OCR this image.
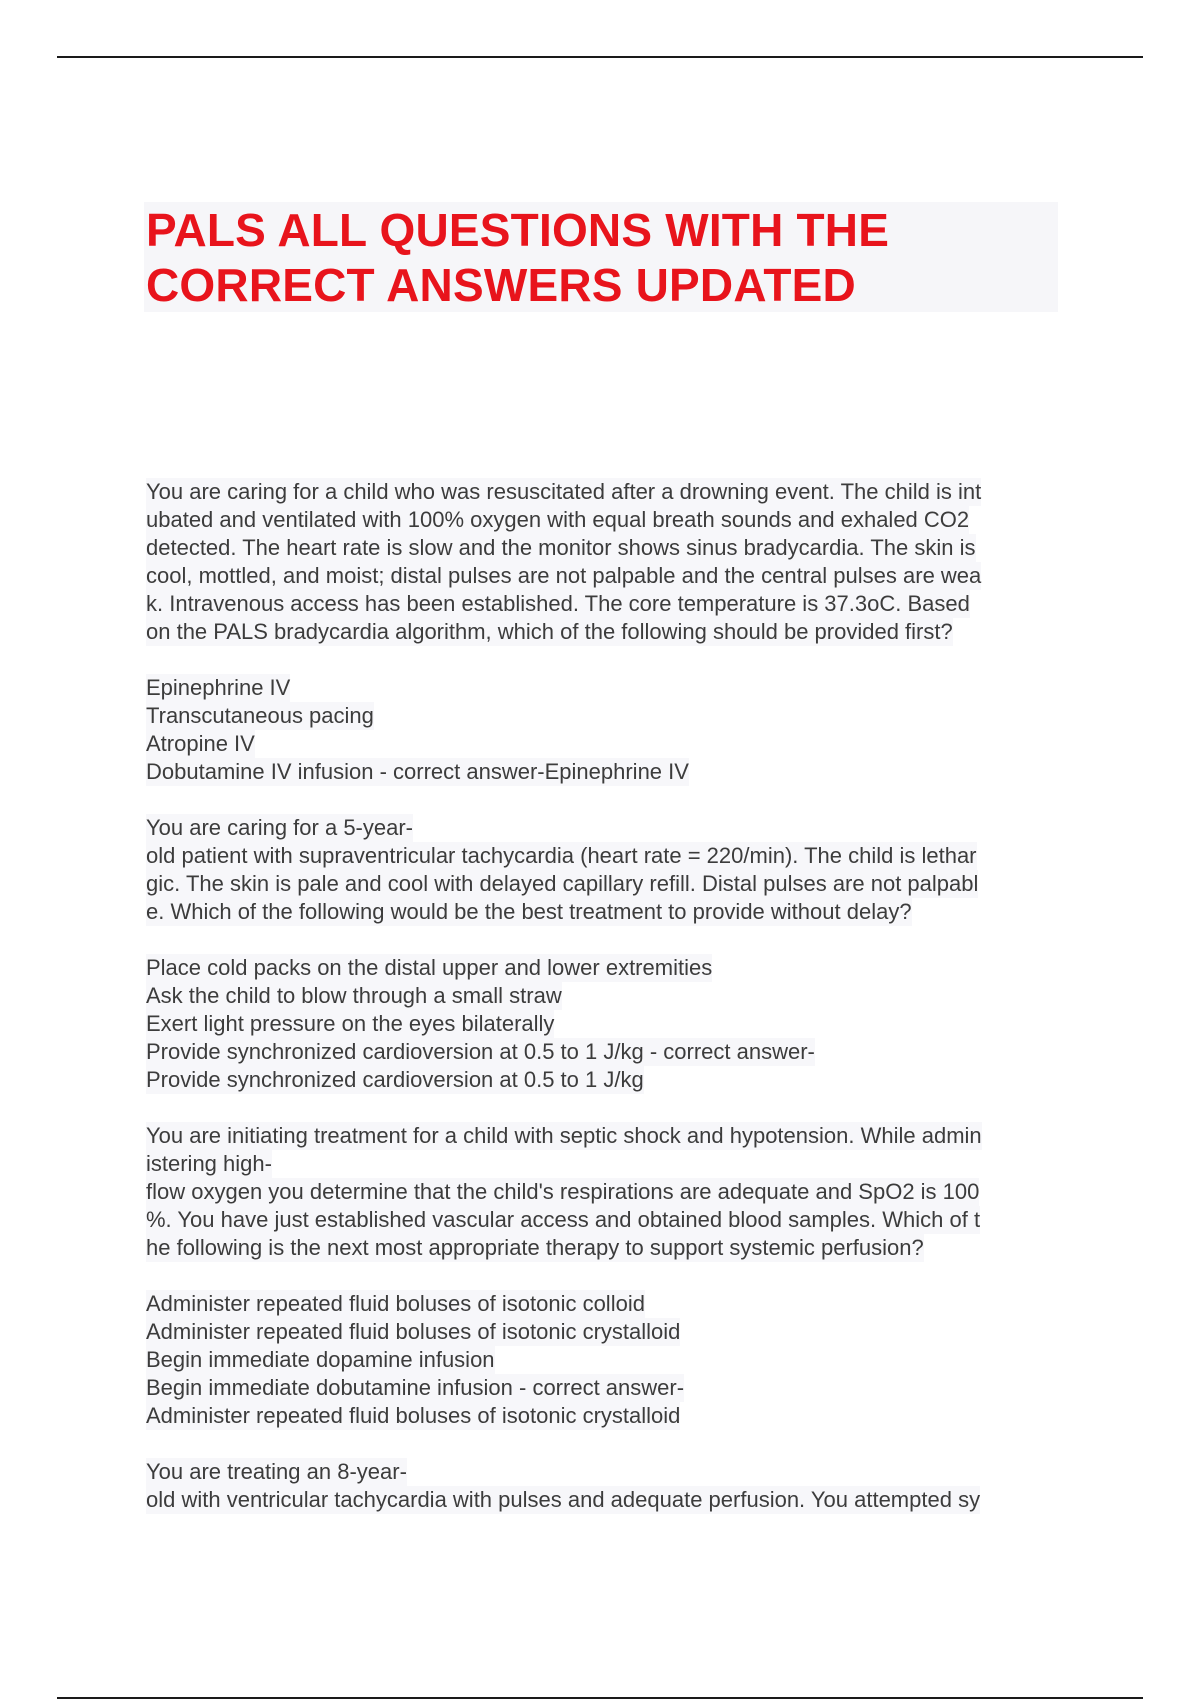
PALS ALL QUESTIONS WITH THE
CORRECT ANSWERS UPDATED

You are caring for a child who was resuscitated after a drowning event. The child is int
ubated and ventilated with 100% oxygen with equal breath sounds and exhaled CO2
detected. The heart rate is slow and the monitor shows sinus bradycardia. The skin is
cool, mottled, and moist; distal pulses are not palpable and the central pulses are wea
k. Intravenous access has been established. The core temperature is 37.3oC. Based
on the PALS bradycardia algorithm, which of the following should be provided first?

Epinephrine IV
Transcutaneous pacing
Atropine IV
Dobutamine IV infusion - correct answer-Epinephrine IV

You are caring for a 5-year-
old patient with supraventricular tachycardia (heart rate = 220/min). The child is lethar
gic. The skin is pale and cool with delayed capillary refill. Distal pulses are not palpabl
e. Which of the following would be the best treatment to provide without delay?

Place cold packs on the distal upper and lower extremities
Ask the child to blow through a small straw
Exert light pressure on the eyes bilaterally
Provide synchronized cardioversion at 0.5 to 1 J/kg - correct answer-
Provide synchronized cardioversion at 0.5 to 1 J/kg

You are initiating treatment for a child with septic shock and hypotension. While admin
istering high-
flow oxygen you determine that the child's respirations are adequate and SpO2 is 100
%. You have just established vascular access and obtained blood samples. Which of t
he following is the next most appropriate therapy to support systemic perfusion?

Administer repeated fluid boluses of isotonic colloid
Administer repeated fluid boluses of isotonic crystalloid
Begin immediate dopamine infusion
Begin immediate dobutamine infusion - correct answer-
Administer repeated fluid boluses of isotonic crystalloid

You are treating an 8-year-
old with ventricular tachycardia with pulses and adequate perfusion. You attempted sy
